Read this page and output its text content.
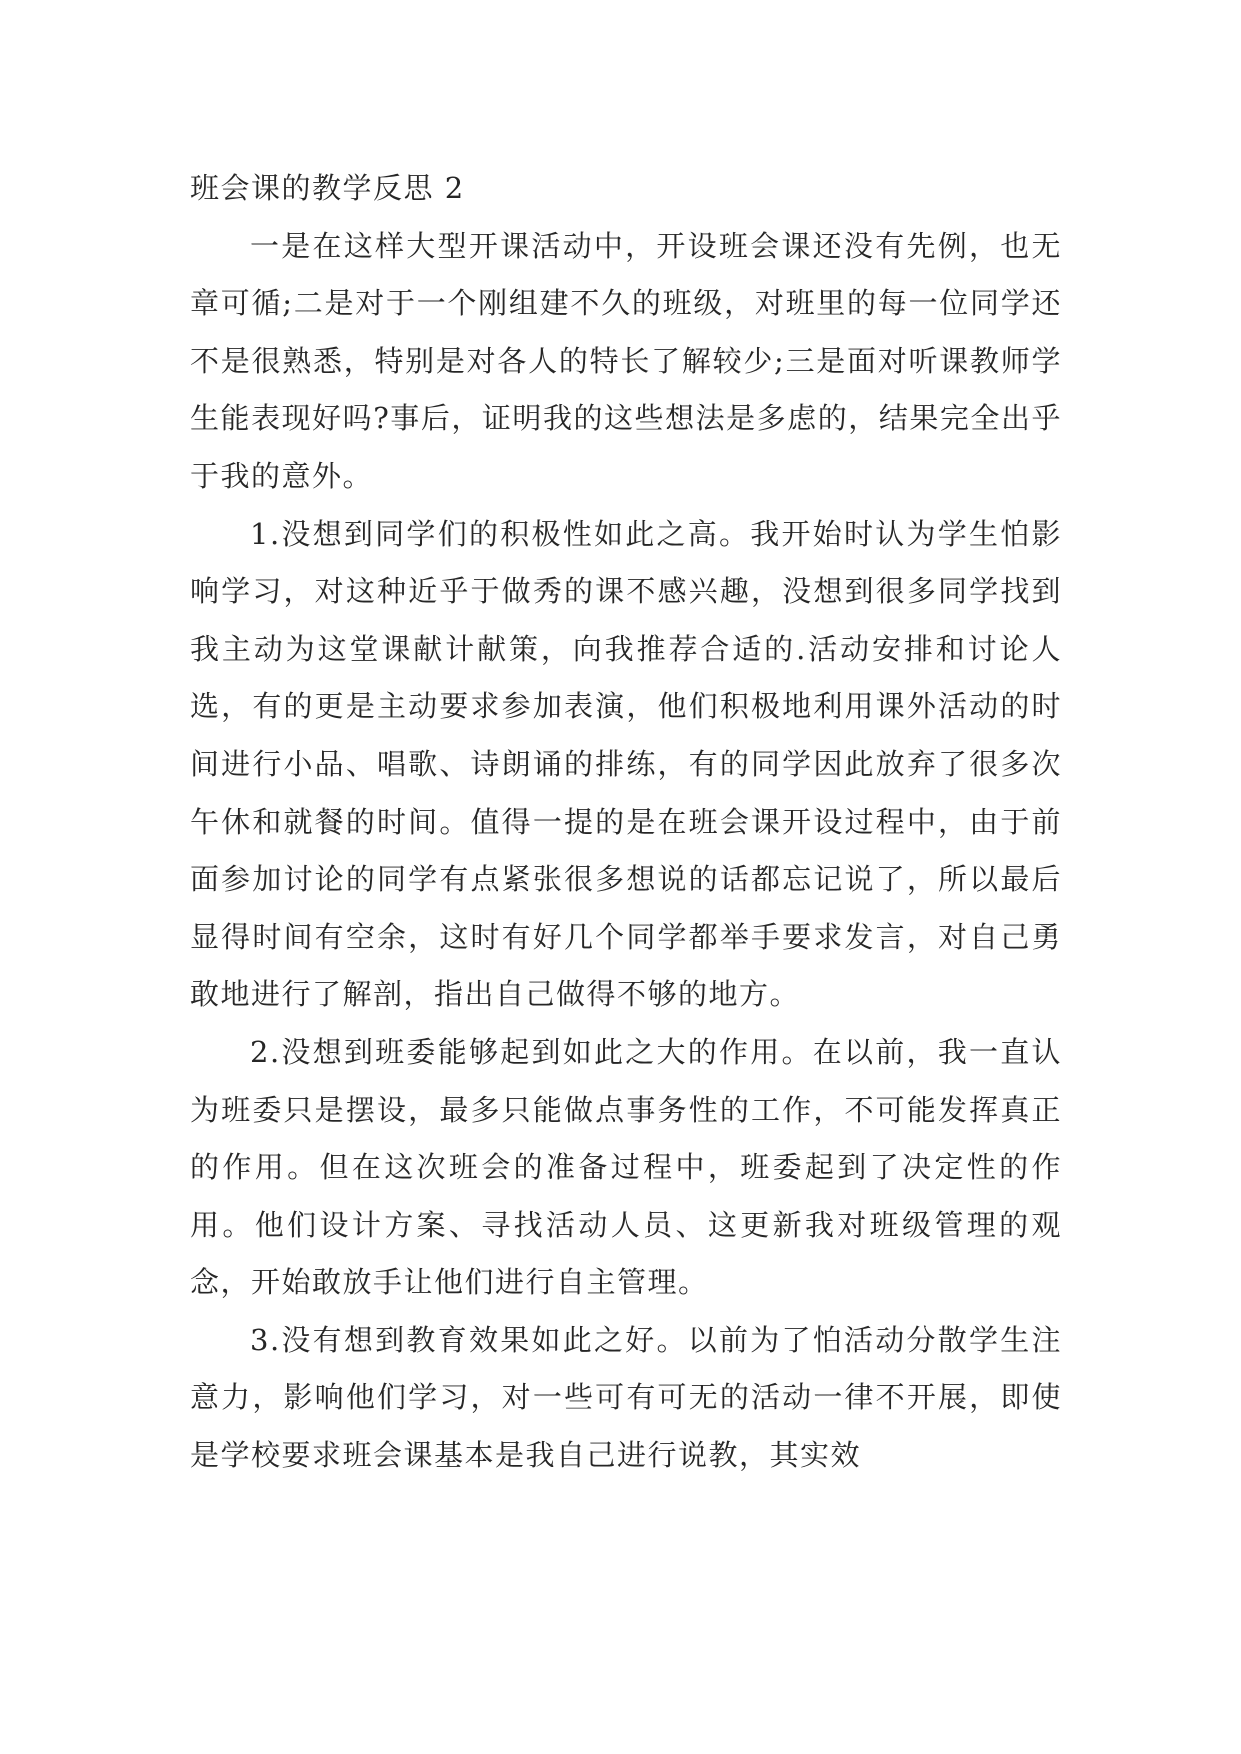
班会课的教学反思 2

一是在这样大型开课活动中，开设班会课还没有先例，也无章可循;二是对于一个刚组建不久的班级，对班里的每一位同学还不是很熟悉，特别是对各人的特长了解较少;三是面对听课教师学生能表现好吗?事后，证明我的这些想法是多虑的，结果完全出乎于我的意外。

1.没想到同学们的积极性如此之高。我开始时认为学生怕影响学习，对这种近乎于做秀的课不感兴趣，没想到很多同学找到我主动为这堂课献计献策，向我推荐合适的.活动安排和讨论人选，有的更是主动要求参加表演，他们积极地利用课外活动的时间进行小品、唱歌、诗朗诵的排练，有的同学因此放弃了很多次午休和就餐的时间。值得一提的是在班会课开设过程中，由于前面参加讨论的同学有点紧张很多想说的话都忘记说了，所以最后显得时间有空余，这时有好几个同学都举手要求发言，对自己勇敢地进行了解剖，指出自己做得不够的地方。

2.没想到班委能够起到如此之大的作用。在以前，我一直认为班委只是摆设，最多只能做点事务性的工作，不可能发挥真正的作用。但在这次班会的准备过程中，班委起到了决定性的作用。他们设计方案、寻找活动人员、这更新我对班级管理的观念，开始敢放手让他们进行自主管理。

3.没有想到教育效果如此之好。以前为了怕活动分散学生注意力，影响他们学习，对一些可有可无的活动一律不开展，即使是学校要求班会课基本是我自己进行说教，其实效
